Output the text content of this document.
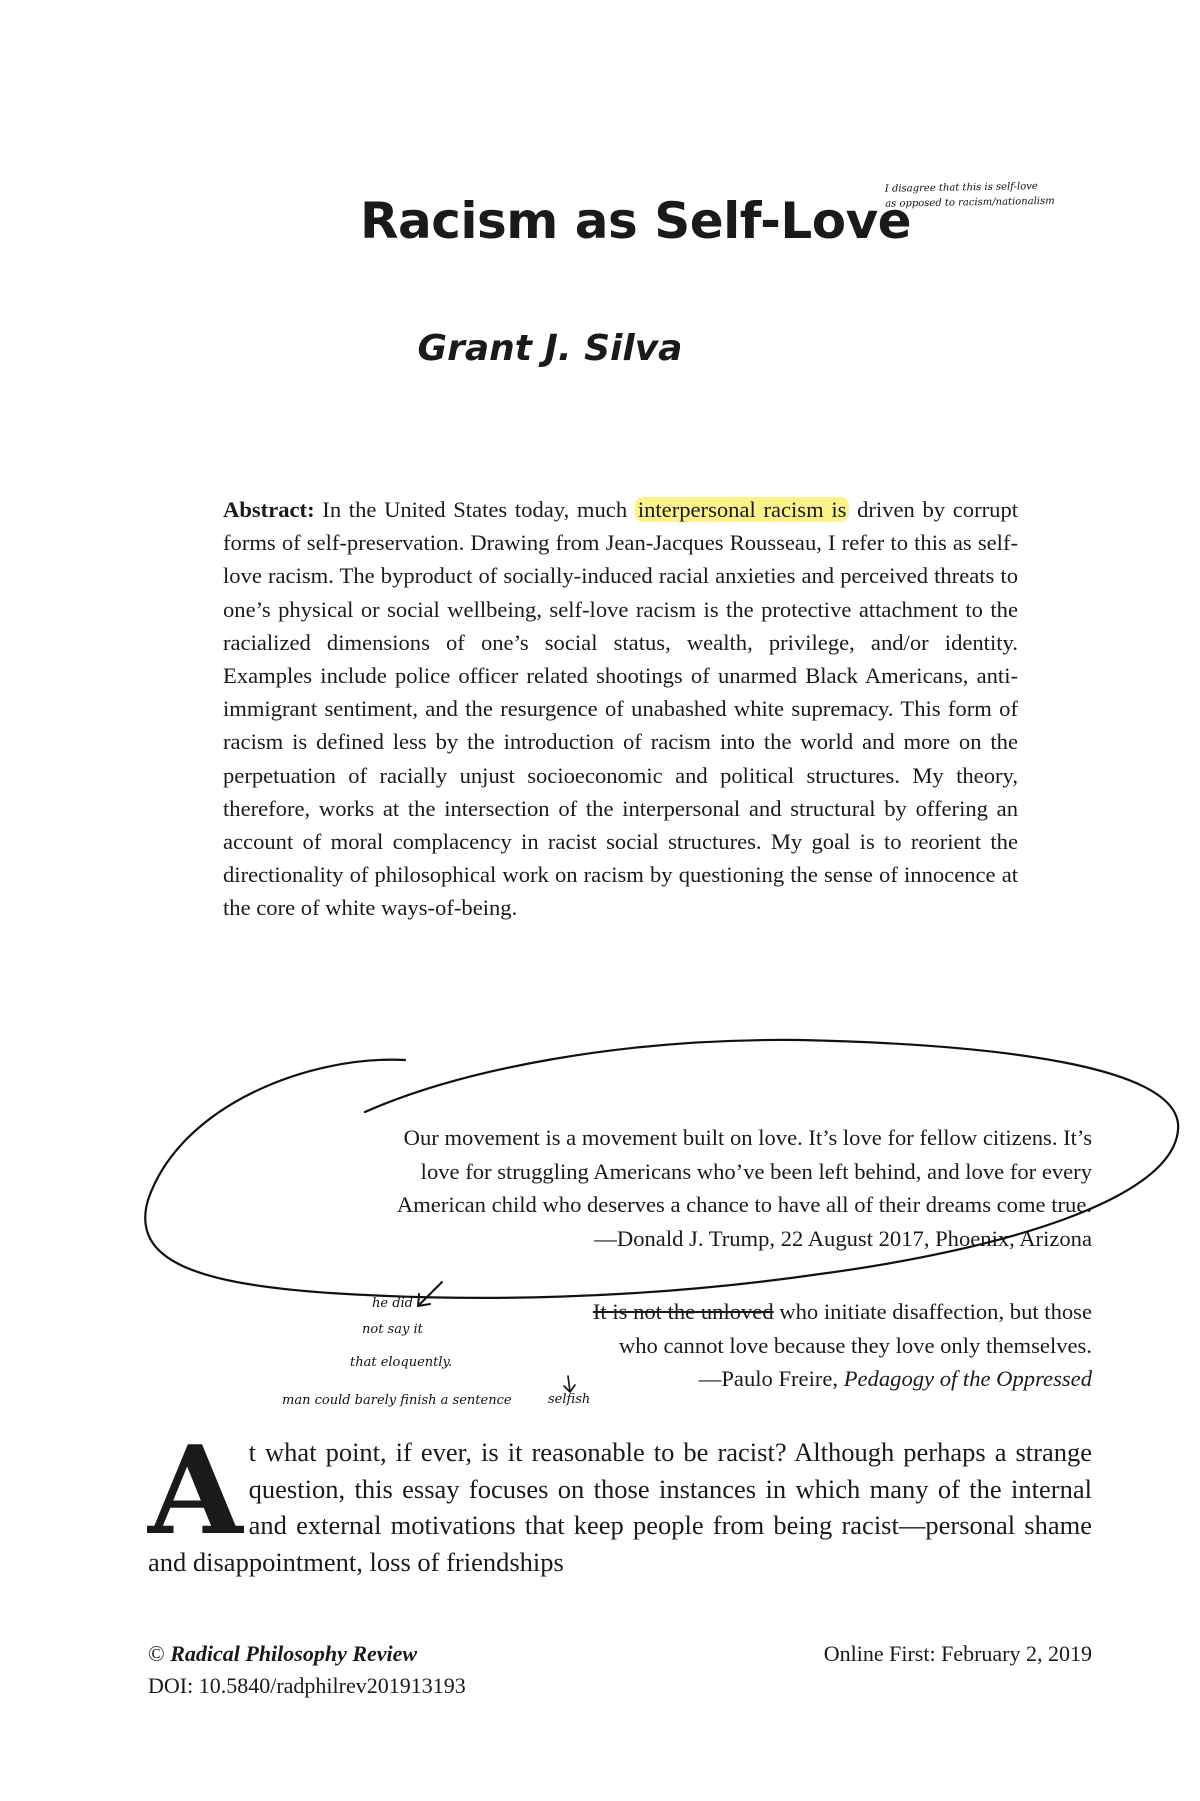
Racism as Self-Love
I disagree that this is self-love
as opposed to racism/nationalism
Grant J. Silva
Abstract: In the United States today, much interpersonal racism is driven by corrupt forms of self-preservation. Drawing from Jean-Jacques Rousseau, I refer to this as self-love racism. The byproduct of socially-induced racial anxieties and perceived threats to one’s physical or social wellbeing, self-love racism is the protective attachment to the racialized dimensions of one’s social status, wealth, privilege, and/or identity. Examples include police officer related shootings of unarmed Black Americans, anti-immigrant sentiment, and the resurgence of unabashed white supremacy. This form of racism is defined less by the introduction of racism into the world and more on the perpetuation of racially unjust socioeconomic and political structures. My theory, therefore, works at the intersection of the interpersonal and structural by offering an account of moral complacency in racist social structures. My goal is to reorient the directionality of philosophical work on racism by questioning the sense of innocence at the core of white ways-of-being.
Our movement is a movement built on love. It’s love for fellow citizens. It’s
love for struggling Americans who’ve been left behind, and love for every
American child who deserves a chance to have all of their dreams come true.
—Donald J. Trump, 22 August 2017, Phoenix, Arizona
It is not the unloved who initiate disaffection, but those
who cannot love because they love only themselves.
—Paulo Freire, Pedagogy of the Oppressed
he did
not say it
that eloquently.
man could barely finish a sentence	selfish
A t what point, if ever, is it reasonable to be racist? Although perhaps a strange question, this essay focuses on those instances in which many of the internal and external motivations that keep people from being racist—personal shame and disappointment, loss of friendships
© Radical Philosophy Review
DOI: 10.5840/radphilrev201913193
Online First: February 2, 2019
